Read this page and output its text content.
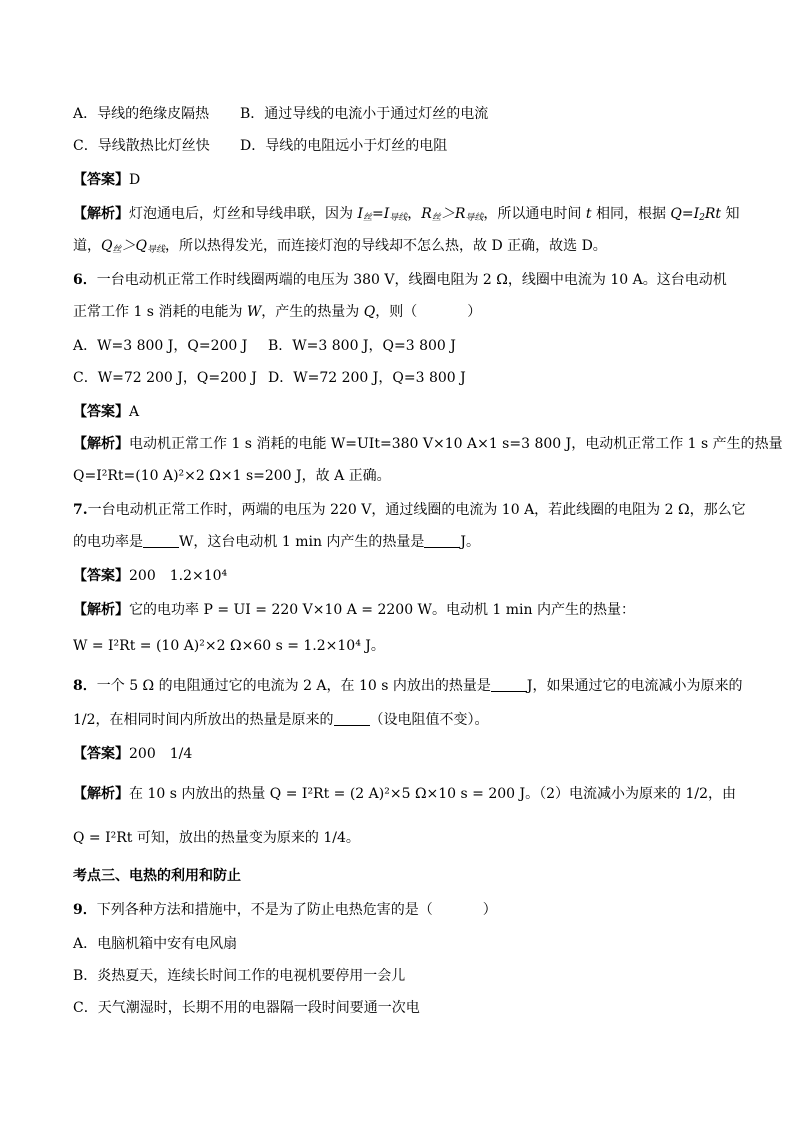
A．导线的绝缘皮隔热 B．通过导线的电流小于通过灯丝的电流
C．导线散热比灯丝快 D．导线的电阻远小于灯丝的电阻
【答案】D
【解析】灯泡通电后，灯丝和导线串联，因为 $I_丝=I_{导线}$，$R_丝>R_{导线}$，所以通电时间 t 相同，根据 $Q=I_2Rt$ 知
道，$Q_丝>Q_{导线}$，所以热得发光，而连接灯泡的导线却不怎么热，故 D 正确，故选 D。
6．一台电动机正常工作时线圈两端的电压为 380 V，线圈电阻为 2 Ω，线圈中电流为 10 A。这台电动机
正常工作 1 s 消耗的电能为 W，产生的热量为 Q，则（	）
A．W=3 800 J，Q=200 J B．W=3 800 J，Q=3 800 J
C．W=72 200 J，Q=200 J D．W=72 200 J，Q=3 800 J
【答案】A
【解析】电动机正常工作 1 s 消耗的电能 W=UIt=380 V×10 A×1 s=3 800 J，电动机正常工作 1 s 产生的热量
Q=I²Rt=(10 A)²×2 Ω×1 s=200 J，故 A 正确。
7.一台电动机正常工作时，两端的电压为 220 V，通过线圈的电流为 10 A，若此线圈的电阻为 2 Ω，那么它
的电功率是	W，这台电动机 1 min 内产生的热量是	J。
【答案】200　1.2×10⁴
【解析】它的电功率 P = UI = 220 V×10 A = 2200 W。电动机 1 min 内产生的热量：
W = I²Rt = (10 A)²×2 Ω×60 s = 1.2×10⁴ J。
8．一个 5 Ω 的电阻通过它的电流为 2 A，在 10 s 内放出的热量是	J，如果通过它的电流减小为原来的
1/2，在相同时间内所放出的热量是原来的	（设电阻值不变）。
【答案】200　1/4
【解析】在 10 s 内放出的热量 Q = I²Rt = (2 A)²×5 Ω×10 s = 200 J。（2）电流减小为原来的 1/2，由
Q = I²Rt 可知，放出的热量变为原来的 1/4。
考点三、电热的利用和防止
9．下列各种方法和措施中，不是为了防止电热危害的是（	）
A．电脑机箱中安有电风扇
B．炎热夏天，连续长时间工作的电视机要停用一会儿
C．天气潮湿时，长期不用的电器隔一段时间要通一次电
